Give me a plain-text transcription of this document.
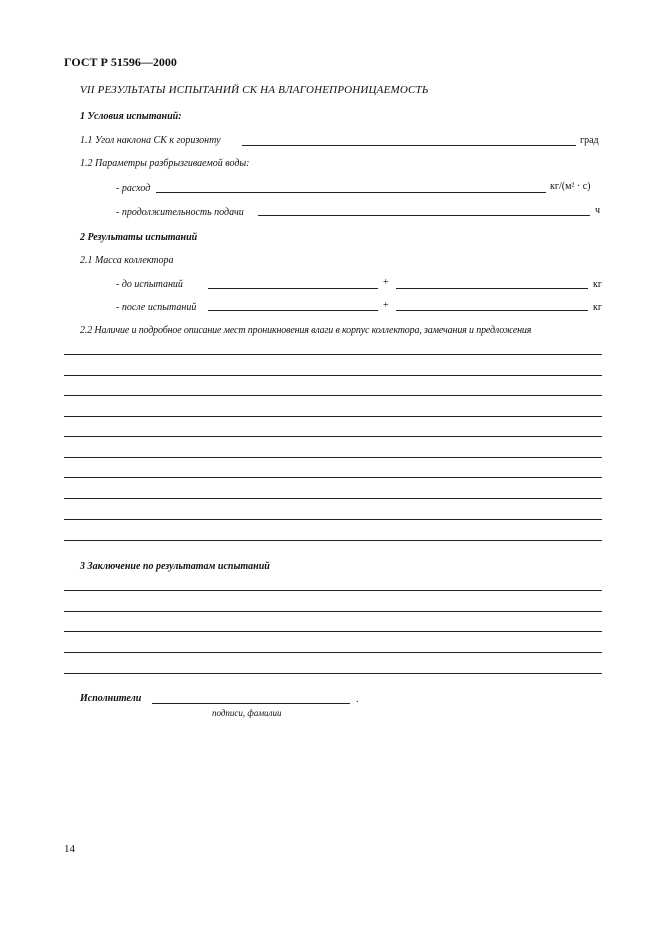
ГОСТ Р 51596—2000
VII РЕЗУЛЬТАТЫ ИСПЫТАНИЙ СК НА ВЛАГОНЕПРОНИЦАЕМОСТЬ
1 Условия испытаний:
1.1 Угол наклона СК к горизонту	град
1.2 Параметры разбрызгиваемой воды:
- расход	кг/(м² · с)
- продолжительность подачи	ч
2 Результаты испытаний
2.1 Масса коллектора
- до испытаний	+	кг
- после испытаний	+	кг
2.2 Наличие и подробное описание мест проникновения влаги в корпус коллектора, замечания и предложения
3 Заключение по результатам испытаний
Исполнители	.
подписи, фамилии
14
